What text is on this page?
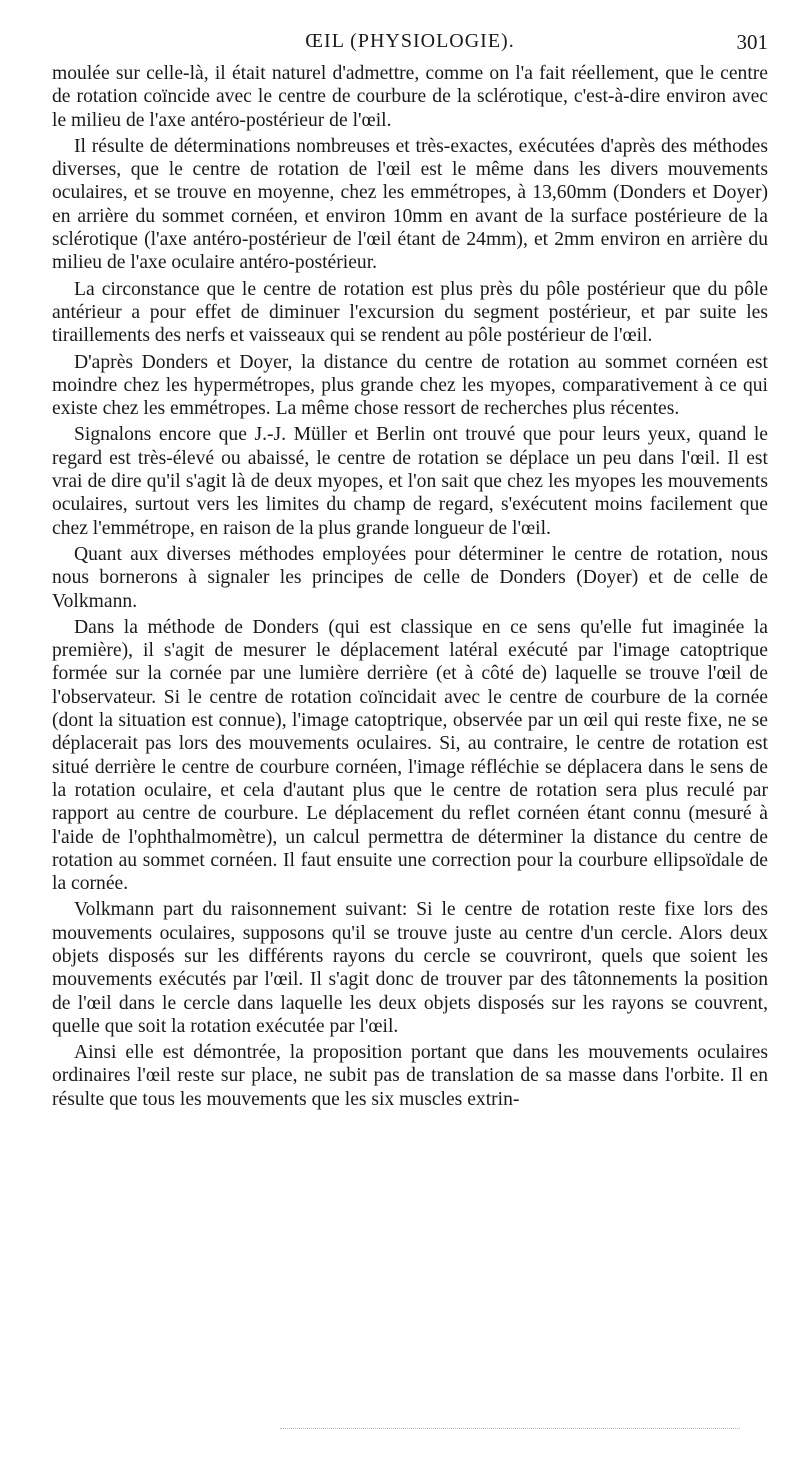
ŒIL (PHYSIOLOGIE).	301

moulée sur celle-là, il était naturel d'admettre, comme on l'a fait réellement, que le centre de rotation coïncide avec le centre de courbure de la sclérotique, c'est-à-dire environ avec le milieu de l'axe antéro-postérieur de l'œil.

Il résulte de déterminations nombreuses et très-exactes, exécutées d'après des méthodes diverses, que le centre de rotation de l'œil est le même dans les divers mouvements oculaires, et se trouve en moyenne, chez les emmétropes, à 13,60mm (Donders et Doyer) en arrière du sommet cornéen, et environ 10mm en avant de la surface postérieure de la sclérotique (l'axe antéro-postérieur de l'œil étant de 24mm), et 2mm environ en arrière du milieu de l'axe oculaire antéro-postérieur.

La circonstance que le centre de rotation est plus près du pôle postérieur que du pôle antérieur a pour effet de diminuer l'excursion du segment postérieur, et par suite les tiraillements des nerfs et vaisseaux qui se rendent au pôle postérieur de l'œil.

D'après Donders et Doyer, la distance du centre de rotation au sommet cornéen est moindre chez les hypermétropes, plus grande chez les myopes, comparativement à ce qui existe chez les emmétropes. La même chose ressort de recherches plus récentes.

Signalons encore que J.-J. Müller et Berlin ont trouvé que pour leurs yeux, quand le regard est très-élevé ou abaissé, le centre de rotation se déplace un peu dans l'œil. Il est vrai de dire qu'il s'agit là de deux myopes, et l'on sait que chez les myopes les mouvements oculaires, surtout vers les limites du champ de regard, s'exécutent moins facilement que chez l'emmétrope, en raison de la plus grande longueur de l'œil.

Quant aux diverses méthodes employées pour déterminer le centre de rotation, nous nous bornerons à signaler les principes de celle de Donders (Doyer) et de celle de Volkmann.

Dans la méthode de Donders (qui est classique en ce sens qu'elle fut imaginée la première), il s'agit de mesurer le déplacement latéral exécuté par l'image catoptrique formée sur la cornée par une lumière derrière (et à côté de) laquelle se trouve l'œil de l'observateur. Si le centre de rotation coïncidait avec le centre de courbure de la cornée (dont la situation est connue), l'image catoptrique, observée par un œil qui reste fixe, ne se déplacerait pas lors des mouvements oculaires. Si, au contraire, le centre de rotation est situé derrière le centre de courbure cornéen, l'image réfléchie se déplacera dans le sens de la rotation oculaire, et cela d'autant plus que le centre de rotation sera plus reculé par rapport au centre de courbure. Le déplacement du reflet cornéen étant connu (mesuré à l'aide de l'ophthalmomètre), un calcul permettra de déterminer la distance du centre de rotation au sommet cornéen. Il faut ensuite une correction pour la courbure ellipsoïdale de la cornée.

Volkmann part du raisonnement suivant: Si le centre de rotation reste fixe lors des mouvements oculaires, supposons qu'il se trouve juste au centre d'un cercle. Alors deux objets disposés sur les différents rayons du cercle se couvriront, quels que soient les mouvements exécutés par l'œil. Il s'agit donc de trouver par des tâtonnements la position de l'œil dans le cercle dans laquelle les deux objets disposés sur les rayons se couvrent, quelle que soit la rotation exécutée par l'œil.

Ainsi elle est démontrée, la proposition portant que dans les mouvements oculaires ordinaires l'œil reste sur place, ne subit pas de translation de sa masse dans l'orbite. Il en résulte que tous les mouvements que les six muscles extrin-
